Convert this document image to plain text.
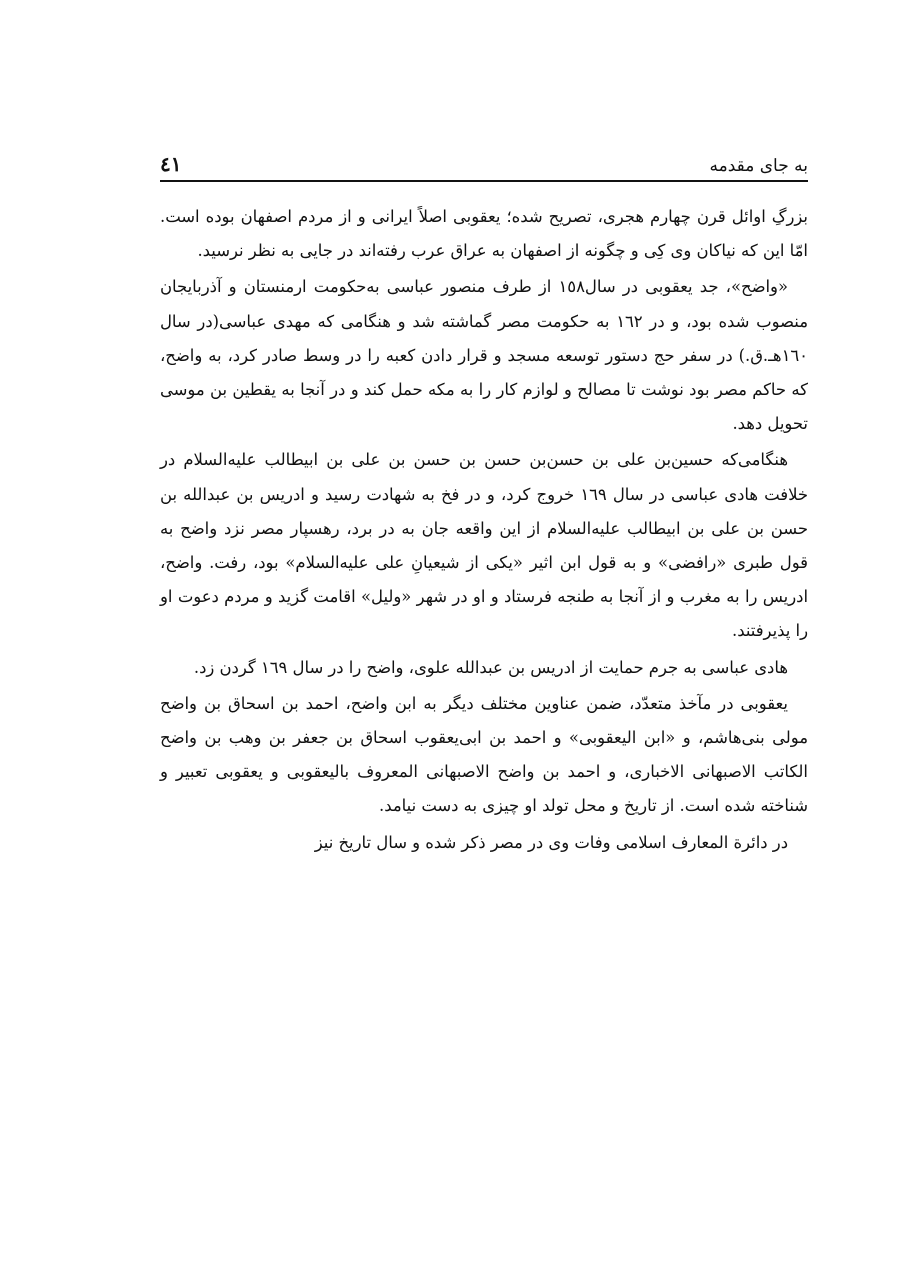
به جای مقدمه
٤١

بزرگِ اوائل قرن چهارم هجری، تصریح شده؛ یعقوبی اصلاً ایرانی و از مردم اصفهان بوده است. امّا این که نیاکان وی کِی و چگونه از اصفهان به عراق عرب رفته‌اند در جایی به نظر نرسید.

«واضح»، جد یعقوبی در سال١٥٨ از طرف منصور عباسی به‌حکومت ارمنستان و آذربایجان منصوب شده بود، و در ١٦٢ به حکومت مصر گماشته شد و هنگامی که مهدی عباسی(در سال ١٦٠هـ.ق.) در سفر حج دستور توسعه مسجد و قرار دادن کعبه را در وسط صادر کرد، به واضح، که حاکم مصر بود نوشت تا مصالح و لوازم کار را به مکه حمل کند و در آنجا به یقطین بن موسی تحویل دهد.

هنگامی‌که حسین‌بن علی بن حسن‌بن حسن بن حسن بن علی بن ابیطالب عليه‌السلام در خلافت هادی عباسی در سال ١٦٩ خروج کرد، و در فخ به شهادت رسید و ادریس بن عبدالله بن حسن بن علی بن ابیطالب عليه‌السلام از این واقعه جان به در برد، رهسپار مصر نزد واضح به قول طبری «رافضی» و به قول ابن اثیر «یکی از شیعیانِ علی عليه‌السلام» بود، رفت. واضح، ادریس را به مغرب و از آنجا به طنجه فرستاد و او در شهر «ولیل» اقامت گزید و مردم دعوت او را پذیرفتند.

هادی عباسی به جرم حمایت از ادریس بن عبدالله علوی، واضح را در سال ١٦٩ گردن زد.

یعقوبی در مآخذ متعدّد، ضمن عناوین مختلف دیگر به ابن واضح، احمد بن اسحاق بن واضح مولی بنی‌هاشم، و «ابن الیعقوبی» و احمد بن ابی‌یعقوب اسحاق بن جعفر بن وهب بن واضح الکاتب الاصبهانی الاخباری، و احمد بن واضح الاصبهانی المعروف بالیعقوبی و یعقوبی تعبیر و شناخته شده است. از تاریخ و محل تولد او چیزی به دست نیامد.

در دائرة المعارف اسلامی وفات وی در مصر ذکر شده و سال تاریخ نیز
